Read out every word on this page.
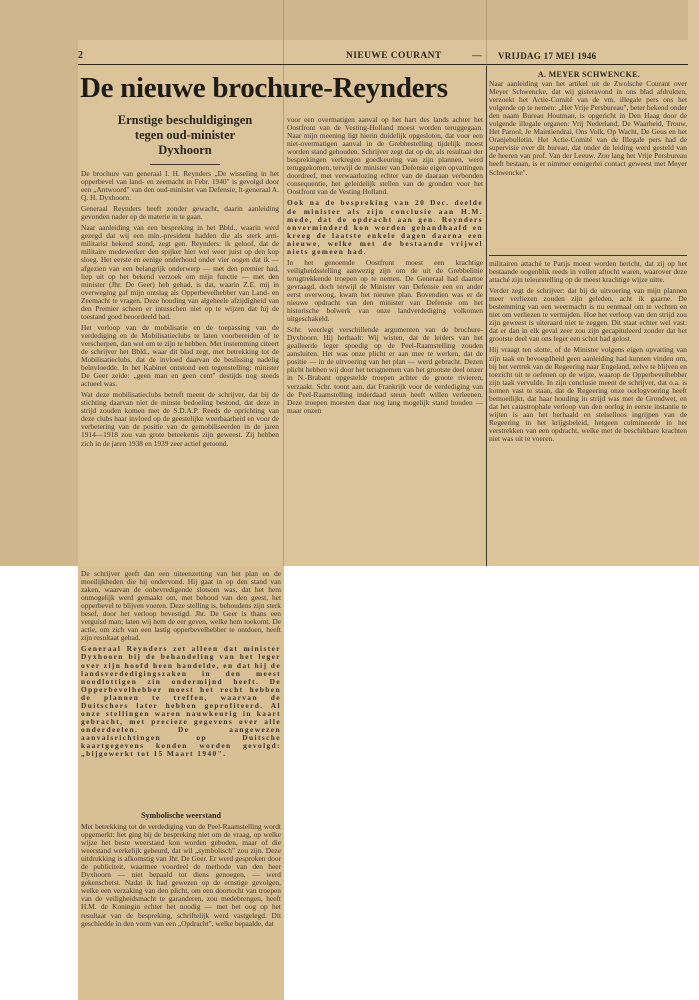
2	NIEUWE COURANT	— VRIJDAG 17 MEI 1946
De nieuwe brochure-Reynders
Ernstige beschuldigingen
tegen oud-minister
Dyxhoorn

De brochure van generaal I. H. Reynders „De wisseling in het opperbevel van land- en zeemacht in Febr. 1940" is gevolgd door een „Antwoord" van den oud-minister van Defensie, lt-generaal A. Q. H. Dyxhoorn.

Generaal Reynders heeft zonder gewacht, daarin aanleiding gevonden nader op de materie in te gaan.

Naar aanleiding van een bespreking in het Bbld., waarin werd gezegd dat wij een min.-president hadden die als sterk anti-militarist bekend stond, zegt gen. Reynders: ik geloof, dat de militaire medewerker den spijker hier wel weer juist op den kop sloeg. Het eerste en eenige onderhoud onder vier oogen dat ik — afgezien van een belangrijk onderwerp — met den premier had, liep uit op het bekend verzoek om mijn functie — met den minister (Jhr. De Geer) heb gehad, is dat, waarin Z.E. mij in overweging gaf mijn ontslag als Opperbevelhebber van Land- en Zeemacht te vragen. Deze houding van algeheele afzijdigheid van den Premier scheen er intusschen niet op te wijzen dat hij de toestand goed beoordeeld had.

Het verloop van de mobilisatie en de toepassing van de verdediging en de Mobilisatieclubs te laten voorbereiden of te verscherpen, dan wel om te zijn te hebben. Met instemming citeert de schrijver het Bbld., waar dit blad zegt, met betrekking tot de Mobilisatieclubs, dat de invloed daarvan de beslissing nadelig beïnvloedde. In het Kabinet ontstond een tegenstelling: minister De Geer zeide: „geen man en geen cent" destijds nog steeds actueel was.

Wat deze mobilisatieclubs betreft meent de schrijver, dat bij de stichting daarvan niet de minste bedoeling bestond, dat deze in strijd zouden komen met de S.D.A.P. Reeds de oprichting van deze clubs haar invloed op de geestelijke weerbaarheid en voor de verbetering van de positie van de gemobiliseerden in de jaren 1914—1918 zou van grote beteekenis zijn geweest. Zij hebben zich in de jaren 1938 en 1939 zeer actief getoond.

voor een overmatigen aanval op het hart des lands achter het Oostfront van de Vesting-Holland moest worden teruggegaan. Naar mijn meening ligt hierin duidelijk opgesloten, dat voor een niet-overmatigen aanval in de Grebbestelling tijdelijk moest worden stand gehouden. Schrijver zegt dat op de, als resultaat der besprekingen verkregen goedkeuring van zijn plannen, werd teruggekomen, terwijl de minister van Defensie eigen opvattingen doordreef, met verwaarlozing echter van de daaraan verbonden consequentie, het geleidelijk stellen van de gronden voor het Oostfront van de Vesting Holland.

Ook na de bespreking van 20 Dec. deelde de minister als zijn conclusie aan H.M. mede, dat de opdracht aan gen. Reynders onverminderd kon worden gehandhaafd en kreeg de laatste enkele dagen daarna een nieuwe, welke met de bestaande vrijwel niets gemeen had.

In het genoemde Oostfront moest een krachtige veiligheidsstelling aanwezig zijn om de uit de Grebbelinie terugtrekkende troepen op te nemen. De Generaal had daartoe gevraagd, doch terwijl de Minister van Defensie een en ander eerst overwoog, kwam het nieuwe plan. Bovendien was er de nieuwe opdracht van den minister van Defensie om het historische bolwerk van onze landverdediging volkomen uitgeschakeld.

Schr. weerlegt verschillende argumenten van de brochure-Dyxhoorn. Hij herhaalt: Wij wisten, dat de leiders van het gealleerde leger spoedig op de Peel-Raamstelling zouden aansluiten. Het was onze plicht er aan mee te werken, dat de positie — in de uitvoering van het plan — werd gebracht. Dezen plicht hebben wij door het terugnemen van het grootste deel onzer in N.-Brabant opgestelde troepen achter de groote rivieren, verzaakt. Schr. toont aan, dat Frankrijk voor de verdediging van de Peel-Raamstelling inderdaad steun heeft willen verleenen. Deze troepen moesten daar nog lang mogelijk stand houden — maar onzen

A. MEYER SCHWENCKE.

Naar aanleiding van het artikel uit de Zwolsche Courant over Meyer Schwencke, dat wij gisteravond in ons blad afdrukten, verzoekt het Actie-Comité van de vm. illegale pers ons het volgende op te nemen: „Het Vrije Persbureau", beter bekend onder den naam Bureau Houtman, is opgericht in Den Haag door de volgende illegale organen: Vrij Nederland, De Waarheid, Trouw, Het Parool, Je Maintiendrai, Ons Volk, Op Wacht, De Geus en het Oranjebulletin. Het Actie-Comité van de Illegale pers had de supervisie over dit bureau, dat onder de leiding werd gesteld van de heeren van prof. Van der Leeuw. Zoo lang het Vrije Persbureau heeft bestaan, is er nimmer eenigerlei contact geweest met Meyer Schwencke".

militairen attaché te Parijs moest worden bericht, dat zij op het bestaande oogenblik reeds in vollen aftocht waren, waarover deze attaché zijn teleurstelling op de meest krachtige wijze uitte.

Verder zegt de schrijver: dat bij de uitvoering van mijn plannen meer verliezen zouden zijn geleden, acht ik gaarne. De bestemming van een weermacht is nu eenmaal om te vechten en niet om verliezen te vermijden. Hoe het verloop van den strijd zou zijn geweest is uiteraard niet te zeggen. Dit staat echter wel vast: dat er dan in elk geval zeer zou zijn gecapituleerd zonder dat het grootste deel van ons leger een schot had gelost.

Hij vraagt ten slotte, of de Minister volgens eigen opvatting van zijn taak en bevoegdheid geen aanleiding had kunnen vinden om, bij het vertrek van de Regeering naar Engeland, zelve te blijven en toezicht uit te oefenen op de wijze, waarop de Opperbevelhebber zijn taak vervulde. In zijn conclusie meent de schrijver, dat o.a. is komen vast te staan, dat de Regeering onze oorlogvoering heeft bemoeilijkt, dat haar houding in strijd was met de Grondwet, en dat het catastrophale verloop van den oorlog in eerste instantie te wijten is aan het herhaald en stelselloos ingrijpen van de Regeering in het krijgsbeleid, hetgeen culmineerde in het verstrekken van een opdracht, welke met de beschikbare krachten niet was uit te voeren.

De schrijver geeft dan een uiteenzetting van het plan en de moeilijkheden die hij ondervond. Hij gaat in op den stand van zaken, waarvan de onbevredigende slotsom was, dat het hem onmogelijk werd gemaakt om, met behoud van den geest, het opperbevel te blijven voeren. Deze stelling is, behoudens zijn sterk besef, door het verloop bevestigd. Jhr. De Geer is thans een verguisd man; laten wij hem de eer geven, welke hem toekomt. De actie, om zich van een lastig opperbevelhebber te ontdoen, heeft zijn resultaat gehad.

Generaal Reynders zet alleen dat minister Dyxhoorn bij de behandeling van het leger over zijn hoofd heen handelde, en dat hij de landsverdedigingszaken in den meest noodlottigen zin ondermijnd heeft. De Opperbevelhebber moest het recht hebben de plannen te treffen, waarvan de Duitschers later hebben geprofiteerd. Al onze stellingen waren nauwkeurig in kaart gebracht, met precieze gegevens over alle onderdeelen. De aangewezen aanvalsrichtingen op Duitsche kaartgegevens konden worden gevolgd: „bijgewerkt tot 15 Maart 1940".

Symbolische weerstand

Met betrekking tot de verdediging van de Peel-Raamstelling wordt opgemerkt: het ging bij de bespreking niet om de vraag, op welke wijze het beste weerstand kon worden geboden, maar of die weerstand werkelijk gebeurd, dat wil „symbolisch" zou zijn. Deze uitdrukking is afkomstig van Jhr. De Geer. Er werd gesproken door de publiciteit, waarmee voordeel de methode van den heer Dyxhoorn — niet bepaald tot diens genoegen, — werd gekenschetst. Nadat ik had gewezen op de ernstige gevolgen, welke een verzaking van den plicht, om een doortocht van troepen van de veiligheidsmacht te garanderen, zou medebrengen, heeft H.M. de Koningin echter het noodig — met het oog op het resultaat van de bespreking, schriftelijk werd vastgelegd. Dit geschiedde in den vorm van een „Opdracht", welke bepaalde, dat
